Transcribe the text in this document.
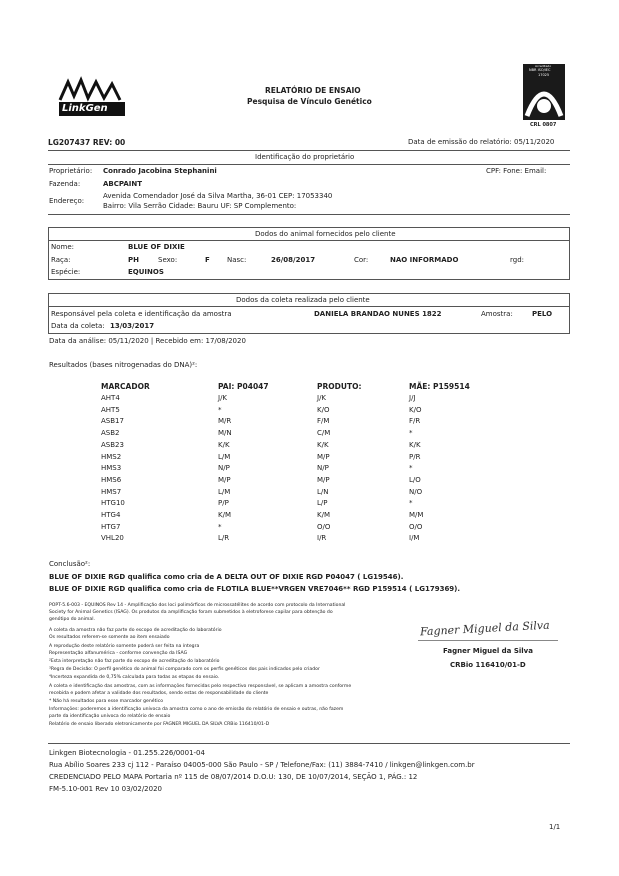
LinkGen
RELATÓRIO DE ENSAIO
Pesquisa de Vínculo Genético
Acreditado
NBR ISO/IEC
17025
CRL 0807
LG207437 REV: 00	Data de emissão do relatório: 05/11/2020
Identificação do proprietário
Proprietário: Conrado Jacobina Stephanini	CPF: Fone: Email:
Fazenda:	ABCPAINT
Endereço:
Avenida Comendador José da Silva Martha, 36-01 CEP: 17053340
Bairro: Vila Serrão Cidade: Bauru UF: SP Complemento:
Dodos do animal fornecidos pelo cliente
Nome:	BLUE OF DIXIE
Raça:	PH	Sexo:	F Nasc:	26/08/2017	Cor:	NAO INFORMADO	rgd:
Espécie:	EQUINOS
Dodos da coleta realizada pelo cliente
Responsável pela coleta e identificação da amostra	DANIELA BRANDAO NUNES 1822	Amostra:	PELO
Data da coleta: 13/03/2017
Data da análise: 05/11/2020 | Recebido em: 17/08/2020
Resultados (bases nitrogenadas do DNA)²:
MARCADOR	PAI: P04047	PRODUTO:	MÃE: P159514
AHT4	J/K	J/K	J/J
AHT5	*	K/O	K/O
ASB17	M/R	F/M	F/R
ASB2	M/N	C/M	*
ASB23	K/K	K/K	K/K
HMS2	L/M	M/P	P/R
HMS3	N/P	N/P	*
HMS6	M/P	M/P	L/O
HMS7	L/M	L/N	N/O
HTG10	P/P	L/P	*
HTG4	K/M	K/M	M/M
HTG7	*	O/O	O/O
VHL20	L/R	I/R	I/M
Conclusão²:
BLUE OF DIXIE RGD qualifica como cria de A DELTA OUT OF DIXIE RGD P04047 ( LG19546).
BLUE OF DIXIE RGD qualifica como cria de FLOTILA BLUE**VRGEN VRE7046** RGD P159514 ( LG179369).
POPT-5.6-003 - EQUINOS Rev 14 - Amplificação dos loci polimórficos de microssatélites de acordo com protocolo da International
Society for Animal Genetics (ISAG). Os produtos da amplificação foram submetidos à eletroforese capilar para obtenção do
genótipo do animal.
A coleta da amostra não faz parte do escopo de acreditação do laboratório
Os resultados referem-se somente ao item ensaiado
A reprodução deste relatório somente poderá ser feita na íntegra
Representação alfanumérica - conforme convenção da ISAG
²Esta interpretação não faz parte do escopo de acreditação do laboratório
³Regra de Decisão: O perfil genético do animal foi comparado com os perfis genéticos dos pais indicados pelo criador
⁴Incerteza expandida de 0,75% calculada para todas as etapas do ensaio.
A coleta e identificação das amostras, com as informações fornecidas pelo respectivo responsável, se aplicam a amostra conforme
recebida e podem afetar a validade dos resultados, sendo estas de responsabilidade do cliente
* Não há resultados para esse marcador genético
Informações: poderemos a identificação unívoca da amostra como o ano de emissão do relatório de ensaio e outras, não fazem
parte da identificação unívoca do relatório de ensaio
Relatório de ensaio liberado eletronicamente por FAGNER MIGUEL DA SILVA CRBio 116410/01-D
Fagner Miguel da Silva
Fagner Miguel da Silva
CRBio 116410/01-D
Linkgen Biotecnologia - 01.255.226/0001-04
Rua Abílio Soares 233 cj 112 - Paraíso 04005-000 São Paulo - SP / Telefone/Fax: (11) 3884-7410 / linkgen@linkgen.com.br
CREDENCIADO PELO MAPA Portaria nº 115 de 08/07/2014 D.O.U: 130, DE 10/07/2014, SEÇÃO 1, PÁG.: 12
FM-5.10-001 Rev 10 03/02/2020
1/1
